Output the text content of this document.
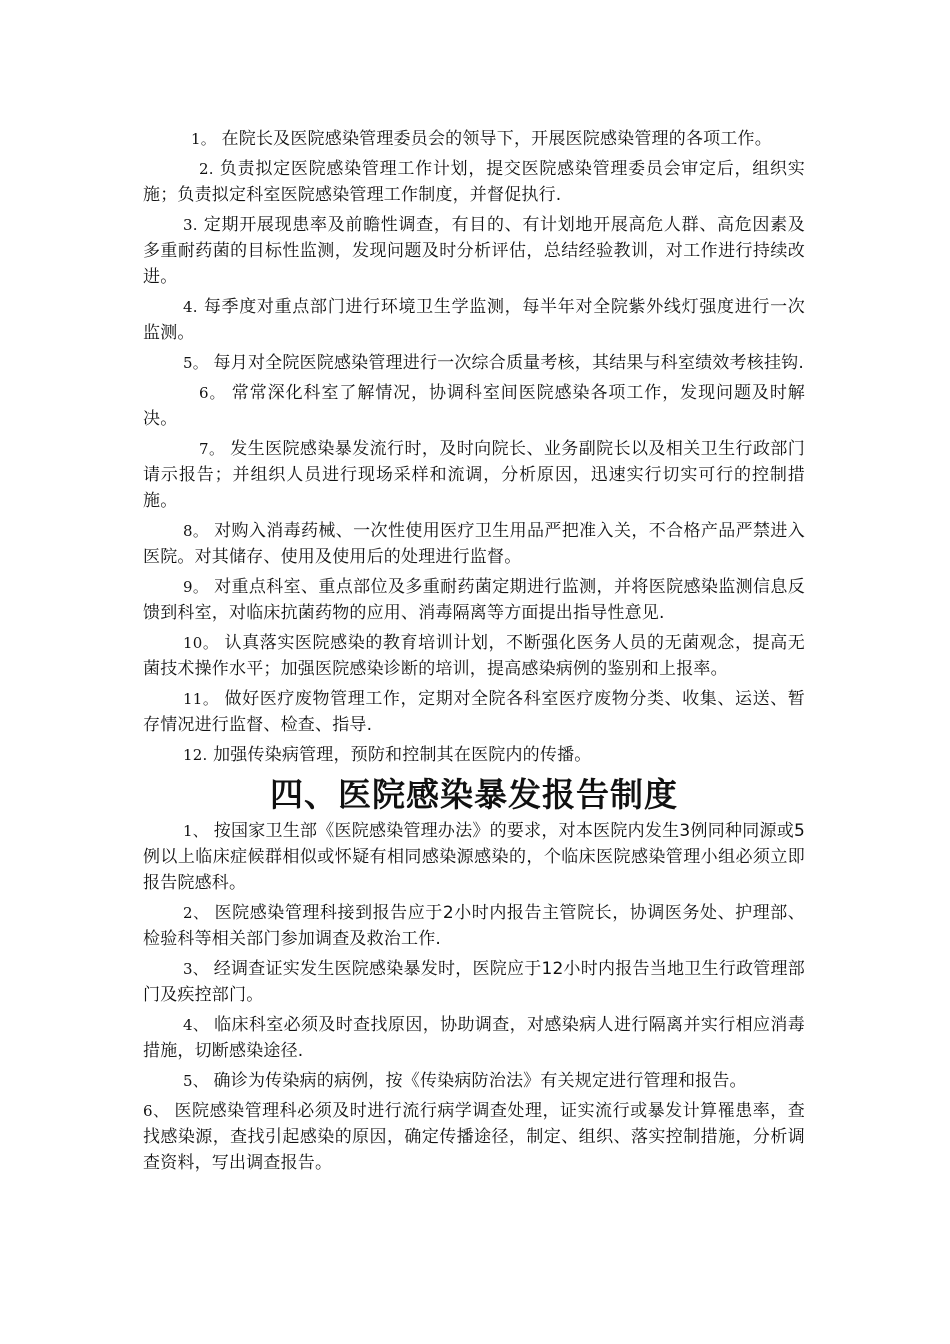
1。 在院长及医院感染管理委员会的领导下，开展医院感染管理的各项工作。

2. 负责拟定医院感染管理工作计划，提交医院感染管理委员会审定后，组织实施；负责拟定科室医院感染管理工作制度，并督促执行.

3. 定期开展现患率及前瞻性调查，有目的、有计划地开展高危人群、高危因素及多重耐药菌的目标性监测，发现问题及时分析评估，总结经验教训，对工作进行持续改进。

4. 每季度对重点部门进行环境卫生学监测，每半年对全院紫外线灯强度进行一次监测。

5。 每月对全院医院感染管理进行一次综合质量考核，其结果与科室绩效考核挂钩.

6。 常常深化科室了解情况，协调科室间医院感染各项工作，发现问题及时解决。

7。 发生医院感染暴发流行时，及时向院长、业务副院长以及相关卫生行政部门请示报告；并组织人员进行现场采样和流调，分析原因，迅速实行切实可行的控制措施。

8。 对购入消毒药械、一次性使用医疗卫生用品严把准入关，不合格产品严禁进入医院。对其储存、使用及使用后的处理进行监督。

9。 对重点科室、重点部位及多重耐药菌定期进行监测，并将医院感染监测信息反馈到科室，对临床抗菌药物的应用、消毒隔离等方面提出指导性意见.

10。 认真落实医院感染的教育培训计划，不断强化医务人员的无菌观念，提高无菌技术操作水平；加强医院感染诊断的培训，提高感染病例的鉴别和上报率。

11。 做好医疗废物管理工作，定期对全院各科室医疗废物分类、收集、运送、暂存情况进行监督、检查、指导.

12. 加强传染病管理，预防和控制其在医院内的传播。

四、医院感染暴发报告制度

1、 按国家卫生部《医院感染管理办法》的要求，对本医院内发生3例同种同源或5例以上临床症候群相似或怀疑有相同感染源感染的，个临床医院感染管理小组必须立即报告院感科。

2、 医院感染管理科接到报告应于2小时内报告主管院长，协调医务处、护理部、检验科等相关部门参加调查及救治工作.

3、 经调查证实发生医院感染暴发时，医院应于12小时内报告当地卫生行政管理部门及疾控部门。

4、 临床科室必须及时查找原因，协助调查，对感染病人进行隔离并实行相应消毒措施，切断感染途径.

5、 确诊为传染病的病例，按《传染病防治法》有关规定进行管理和报告。

6、 医院感染管理科必须及时进行流行病学调查处理，证实流行或暴发计算罹患率，查找感染源，查找引起感染的原因，确定传播途径，制定、组织、落实控制措施，分析调查资料，写出调查报告。
